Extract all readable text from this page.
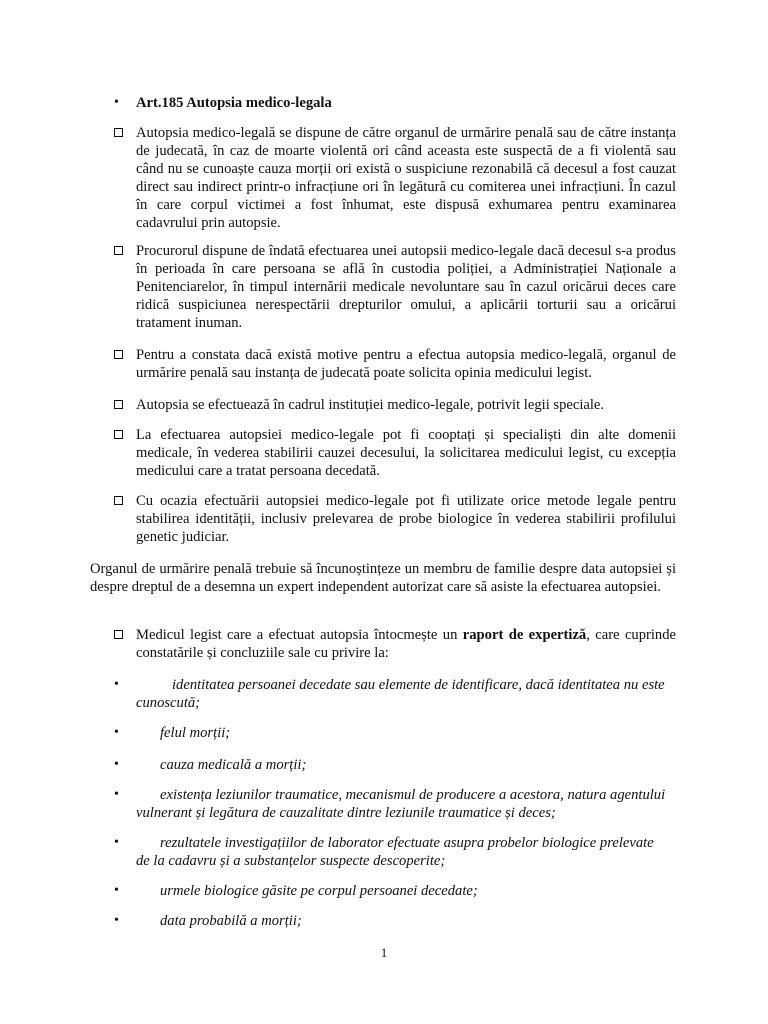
• Art.185 Autopsia medico-legala
Autopsia medico-legală se dispune de către organul de urmărire penală sau de către instanța de judecată, în caz de moarte violentă ori când aceasta este suspectă de a fi violentă sau când nu se cunoaște cauza morții ori există o suspiciune rezonabilă că decesul a fost cauzat direct sau indirect printr-o infracțiune ori în legătură cu comiterea unei infracțiuni. În cazul în care corpul victimei a fost înhumat, este dispusă exhumarea pentru examinarea cadavrului prin autopsie.
Procurorul dispune de îndată efectuarea unei autopsii medico-legale dacă decesul s-a produs în perioada în care persoana se află în custodia poliției, a Administrației Naționale a Penitenciarelor, în timpul internării medicale nevoluntare sau în cazul oricărui deces care ridică suspiciunea nerespectării drepturilor omului, a aplicării torturii sau a oricărui tratament inuman.
Pentru a constata dacă există motive pentru a efectua autopsia medico-legală, organul de urmărire penală sau instanța de judecată poate solicita opinia medicului legist.
Autopsia se efectuează în cadrul instituției medico-legale, potrivit legii speciale.
La efectuarea autopsiei medico-legale pot fi cooptați și specialiști din alte domenii medicale, în vederea stabilirii cauzei decesului, la solicitarea medicului legist, cu excepția medicului care a tratat persoana decedată.
Cu ocazia efectuării autopsiei medico-legale pot fi utilizate orice metode legale pentru stabilirea identității, inclusiv prelevarea de probe biologice în vederea stabilirii profilului genetic judiciar.
Organul de urmărire penală trebuie să încunoștințeze un membru de familie despre data autopsiei și despre dreptul de a desemna un expert independent autorizat care să asiste la efectuarea autopsiei.
Medicul legist care a efectuat autopsia întocmește un raport de expertiză, care cuprinde constatările și concluziile sale cu privire la:
•	identitatea persoanei decedate sau elemente de identificare, dacă identitatea nu este cunoscută;
•	felul morții;
•	cauza medicală a morții;
•	existența leziunilor traumatice, mecanismul de producere a acestora, natura agentului vulnerant și legătura de cauzalitate dintre leziunile traumatice și deces;
•	rezultatele investigațiilor de laborator efectuate asupra probelor biologice prelevate de la cadavru și a substanțelor suspecte descoperite;
•	urmele biologice găsite pe corpul persoanei decedate;
•	data probabilă a morții;
1
